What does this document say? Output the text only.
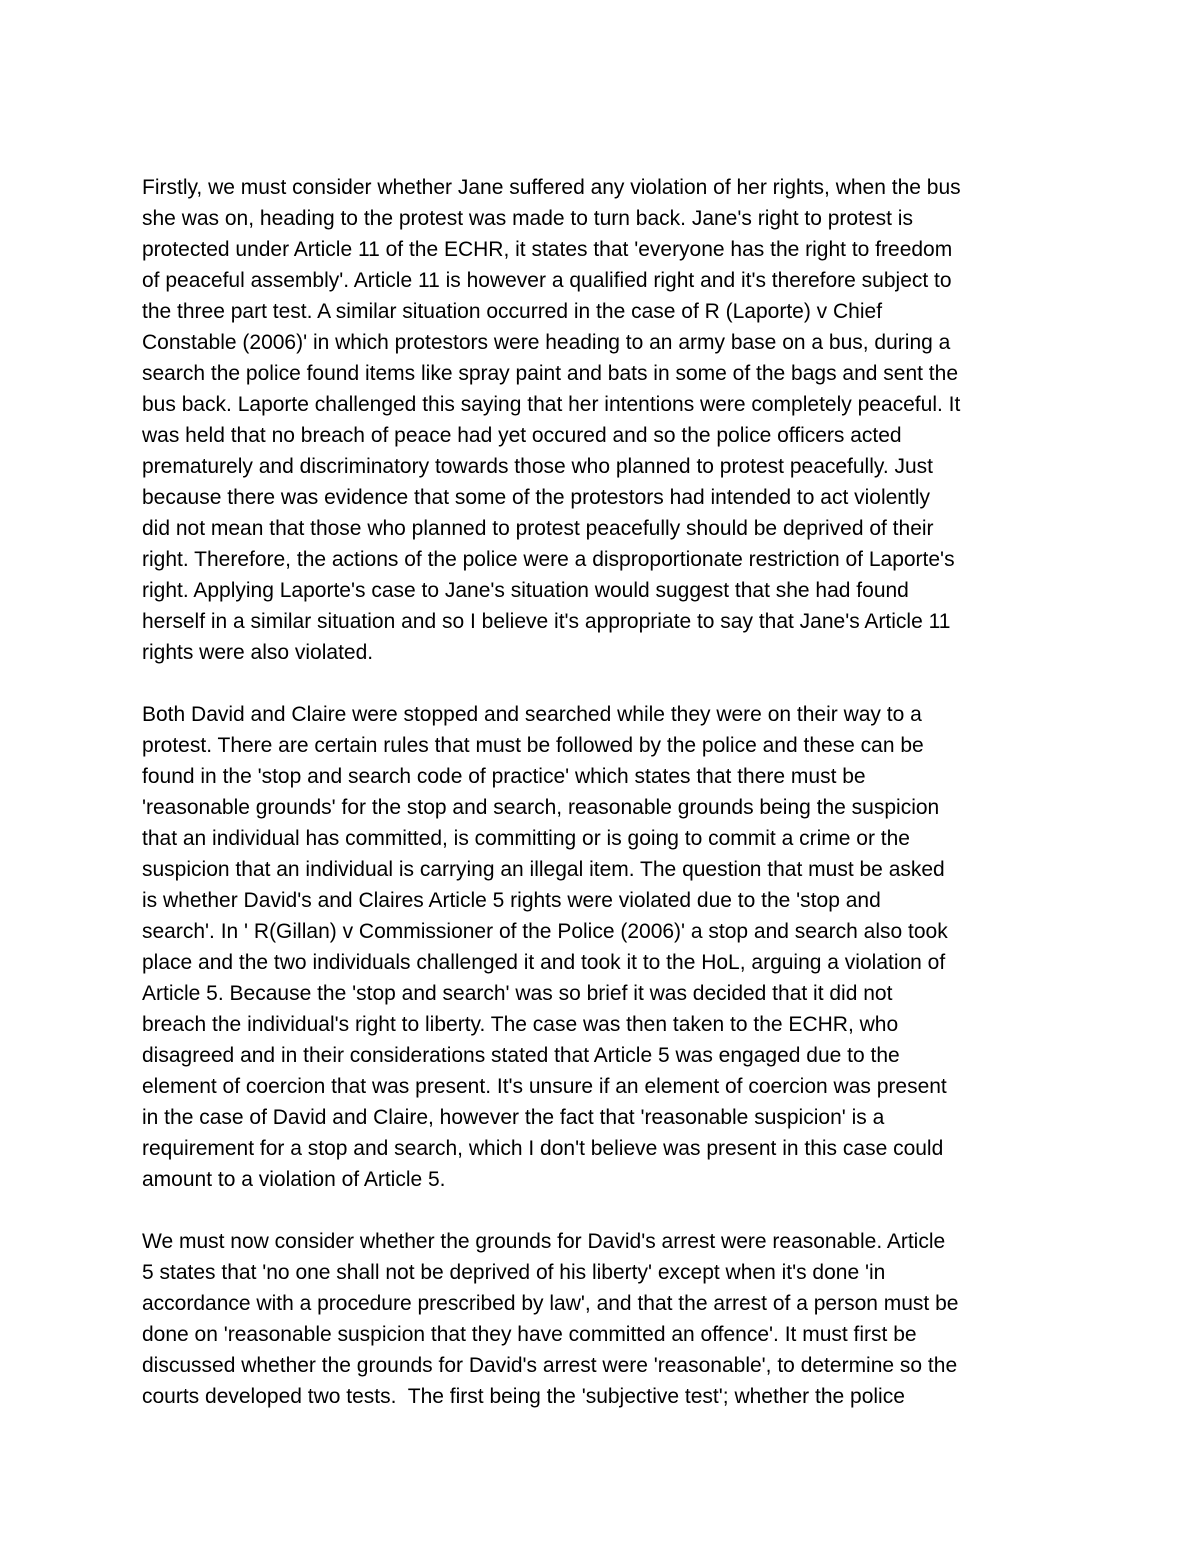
Firstly, we must consider whether Jane suffered any violation of her rights, when the bus
she was on, heading to the protest was made to turn back. Jane's right to protest is
protected under Article 11 of the ECHR, it states that 'everyone has the right to freedom
of peaceful assembly'. Article 11 is however a qualified right and it's therefore subject to
the three part test. A similar situation occurred in the case of R (Laporte) v Chief
Constable (2006)' in which protestors were heading to an army base on a bus, during a
search the police found items like spray paint and bats in some of the bags and sent the
bus back. Laporte challenged this saying that her intentions were completely peaceful. It
was held that no breach of peace had yet occured and so the police officers acted
prematurely and discriminatory towards those who planned to protest peacefully. Just
because there was evidence that some of the protestors had intended to act violently
did not mean that those who planned to protest peacefully should be deprived of their
right. Therefore, the actions of the police were a disproportionate restriction of Laporte's
right. Applying Laporte's case to Jane's situation would suggest that she had found
herself in a similar situation and so I believe it's appropriate to say that Jane's Article 11
rights were also violated.
Both David and Claire were stopped and searched while they were on their way to a
protest. There are certain rules that must be followed by the police and these can be
found in the 'stop and search code of practice' which states that there must be
'reasonable grounds' for the stop and search, reasonable grounds being the suspicion
that an individual has committed, is committing or is going to commit a crime or the
suspicion that an individual is carrying an illegal item. The question that must be asked
is whether David's and Claires Article 5 rights were violated due to the 'stop and
search'. In ' R(Gillan) v Commissioner of the Police (2006)' a stop and search also took
place and the two individuals challenged it and took it to the HoL, arguing a violation of
Article 5. Because the 'stop and search' was so brief it was decided that it did not
breach the individual's right to liberty. The case was then taken to the ECHR, who
disagreed and in their considerations stated that Article 5 was engaged due to the
element of coercion that was present. It's unsure if an element of coercion was present
in the case of David and Claire, however the fact that 'reasonable suspicion' is a
requirement for a stop and search, which I don't believe was present in this case could
amount to a violation of Article 5.
We must now consider whether the grounds for David's arrest were reasonable. Article
5 states that 'no one shall not be deprived of his liberty' except when it's done 'in
accordance with a procedure prescribed by law', and that the arrest of a person must be
done on 'reasonable suspicion that they have committed an offence'. It must first be
discussed whether the grounds for David's arrest were 'reasonable', to determine so the
courts developed two tests.  The first being the 'subjective test'; whether the police
